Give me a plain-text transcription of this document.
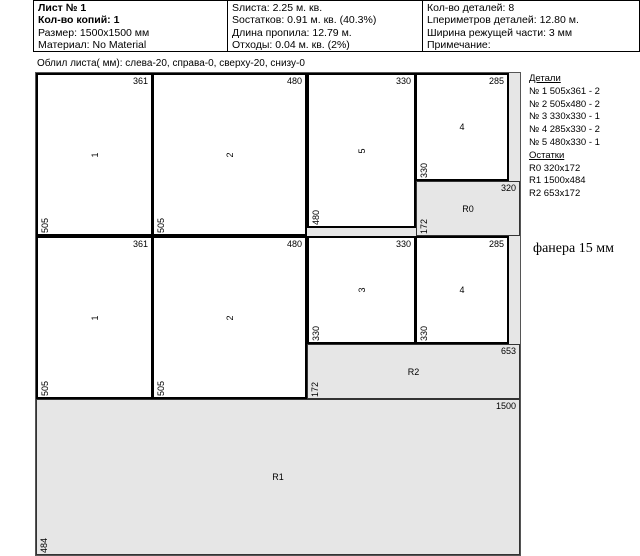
Лист № 1
Кол-во копий: 1
Размер: 1500x1500 мм
Материал: No Material
Sлиста: 2.25 м. кв.
Sостатков: 0.91 м. кв. (40.3%)
Длина пропила: 12.79 м.
Отходы: 0.04 м. кв. (2%)
Кол-во деталей: 8
Lпериметров деталей: 12.80 м.
Ширина режущей части: 3 мм
Примечание:
Облил листа( мм): слева-20, справа-0, сверху-20, снизу-0
361
505
1
480
505
2
330
480
5
285
330
4
320
172
R0
361
505
1
480
505
2
330
330
3
285
330
4
653
172
R2
1500
484
R1
Детали
№ 1 505x361 - 2
№ 2 505x480 - 2
№ 3 330x330 - 1
№ 4 285x330 - 2
№ 5 480x330 - 1
Остатки
R0 320x172
R1 1500x484
R2 653x172
фанера 15 мм
